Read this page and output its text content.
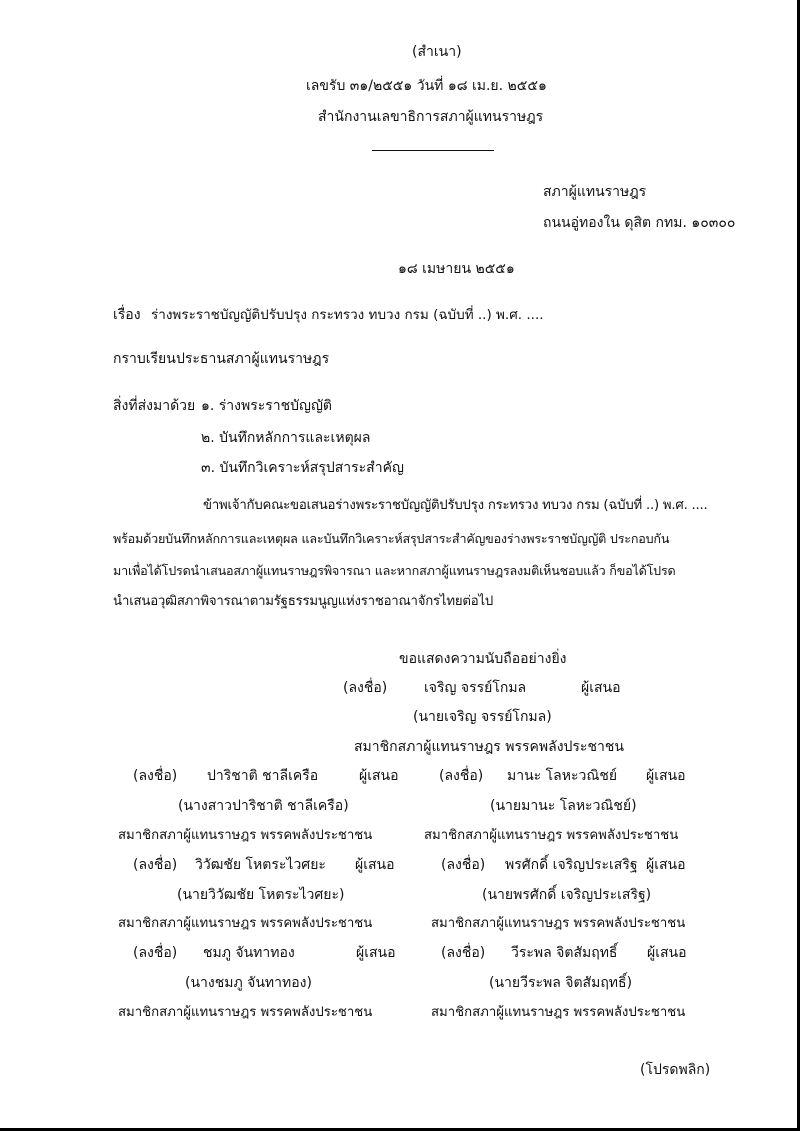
(สำเนา)
เลขรับ ๓๑/๒๕๕๑ วันที่ ๑๘ เม.ย. ๒๕๕๑
สำนักงานเลขาธิการสภาผู้แทนราษฎร
สภาผู้แทนราษฎร
ถนนอู่ทองใน ดุสิต กทม. ๑๐๓๐๐
๑๘ เมษายน ๒๕๕๑
เรื่อง ร่างพระราชบัญญัติปรับปรุง กระทรวง ทบวง กรม (ฉบับที่ ..) พ.ศ. ....
กราบเรียน ประธานสภาผู้แทนราษฎร
สิ่งที่ส่งมาด้วย ๑. ร่างพระราชบัญญัติ
๒. บันทึกหลักการและเหตุผล
๓. บันทึกวิเคราะห์สรุปสาระสำคัญ
ข้าพเจ้ากับคณะขอเสนอร่างพระราชบัญญัติปรับปรุง กระทรวง ทบวง กรม (ฉบับที่ ..) พ.ศ. ....
พร้อมด้วยบันทึกหลักการและเหตุผล และบันทึกวิเคราะห์สรุปสาระสำคัญของร่างพระราชบัญญัติ ประกอบกัน
มาเพื่อได้โปรดนำเสนอสภาผู้แทนราษฎรพิจารณา และหากสภาผู้แทนราษฎรลงมติเห็นชอบแล้ว ก็ขอได้โปรด
นำเสนอวุฒิสภาพิจารณาตามรัฐธรรมนูญแห่งราชอาณาจักรไทยต่อไป
ขอแสดงความนับถืออย่างยิ่ง
(ลงชื่อ)	เจริญ จรรย์โกมล	ผู้เสนอ
(นายเจริญ จรรย์โกมล)
สมาชิกสภาผู้แทนราษฎร พรรคพลังประชาชน
(ลงชื่อ) ปาริชาติ ชาลีเครือ	ผู้เสนอ
(นางสาวปาริชาติ ชาลีเครือ)
สมาชิกสภาผู้แทนราษฎร พรรคพลังประชาชน
(ลงชื่อ) มานะ โลหะวณิชย์ ผู้เสนอ
(นายมานะ โลหะวณิชย์)
สมาชิกสภาผู้แทนราษฎร พรรคพลังประชาชน
(ลงชื่อ) วิวัฒชัย โหตระไวศยะ ผู้เสนอ
(นายวิวัฒชัย โหตระไวศยะ)
สมาชิกสภาผู้แทนราษฎร พรรคพลังประชาชน
(ลงชื่อ) พรศักดิ์ เจริญประเสริฐ ผู้เสนอ
(นายพรศักดิ์ เจริญประเสริฐ)
สมาชิกสภาผู้แทนราษฎร พรรคพลังประชาชน
(ลงชื่อ) ชมภู จันทาทอง	ผู้เสนอ
(นางชมภู จันทาทอง)
สมาชิกสภาผู้แทนราษฎร พรรคพลังประชาชน
(ลงชื่อ) วีระพล จิตสัมฤทธิ์ ผู้เสนอ
(นายวีระพล จิตสัมฤทธิ์)
สมาชิกสภาผู้แทนราษฎร พรรคพลังประชาชน
(โปรดพลิก)
